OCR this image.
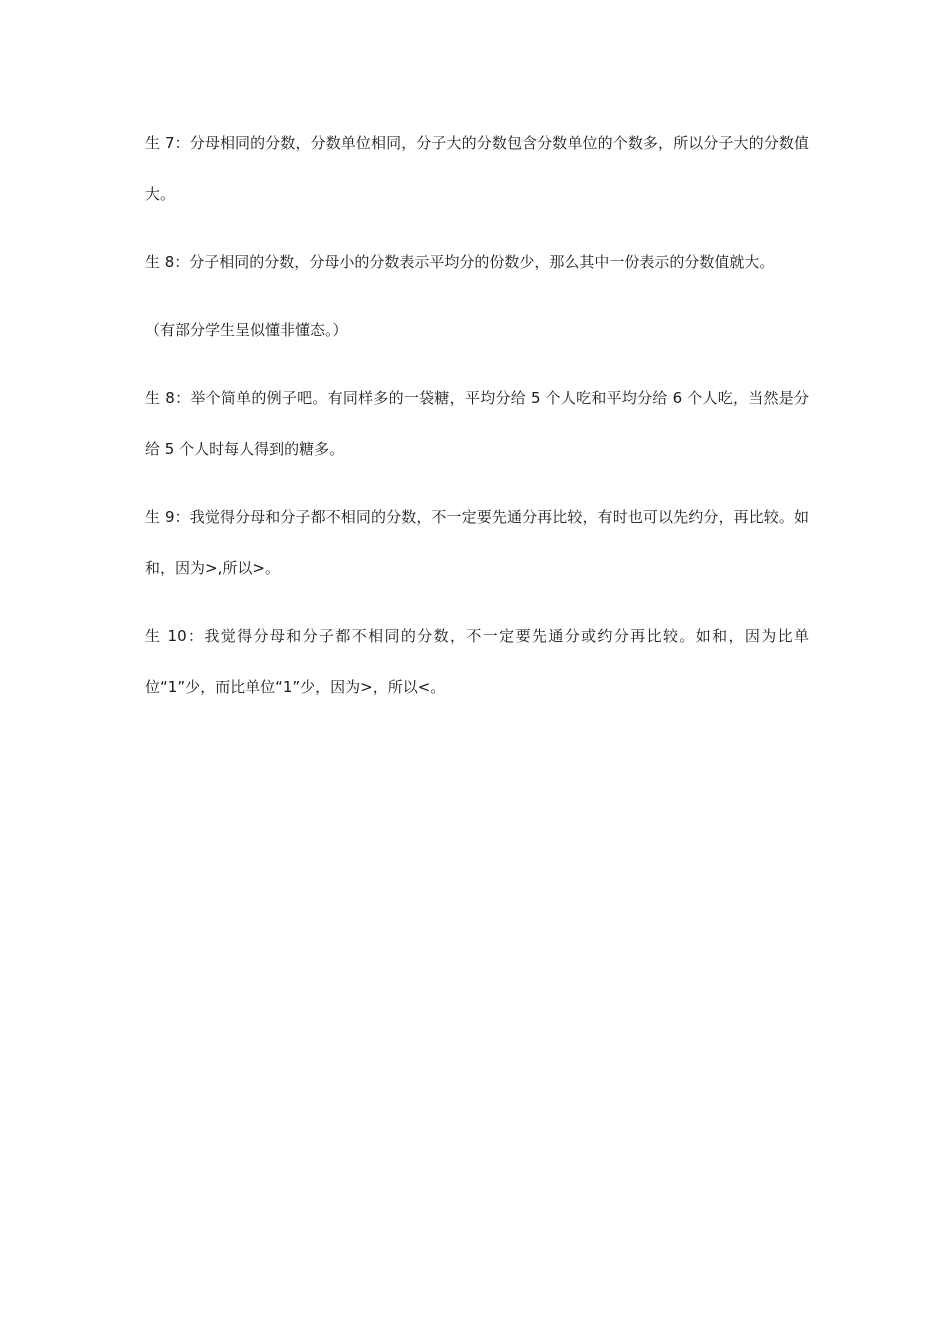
生 7：分母相同的分数，分数单位相同，分子大的分数包含分数单位的个数多，所以分子大的分数值大。

生 8：分子相同的分数，分母小的分数表示平均分的份数少，那么其中一份表示的分数值就大。

（有部分学生呈似懂非懂态。）

生 8：举个简单的例子吧。有同样多的一袋糖，平均分给 5 个人吃和平均分给 6 个人吃，当然是分给 5 个人时每人得到的糖多。

生 9：我觉得分母和分子都不相同的分数，不一定要先通分再比较，有时也可以先约分，再比较。如和，因为>,所以>。

生 10：我觉得分母和分子都不相同的分数，不一定要先通分或约分再比较。如和，因为比单位“1”少，而比单位“1”少，因为>，所以<。
